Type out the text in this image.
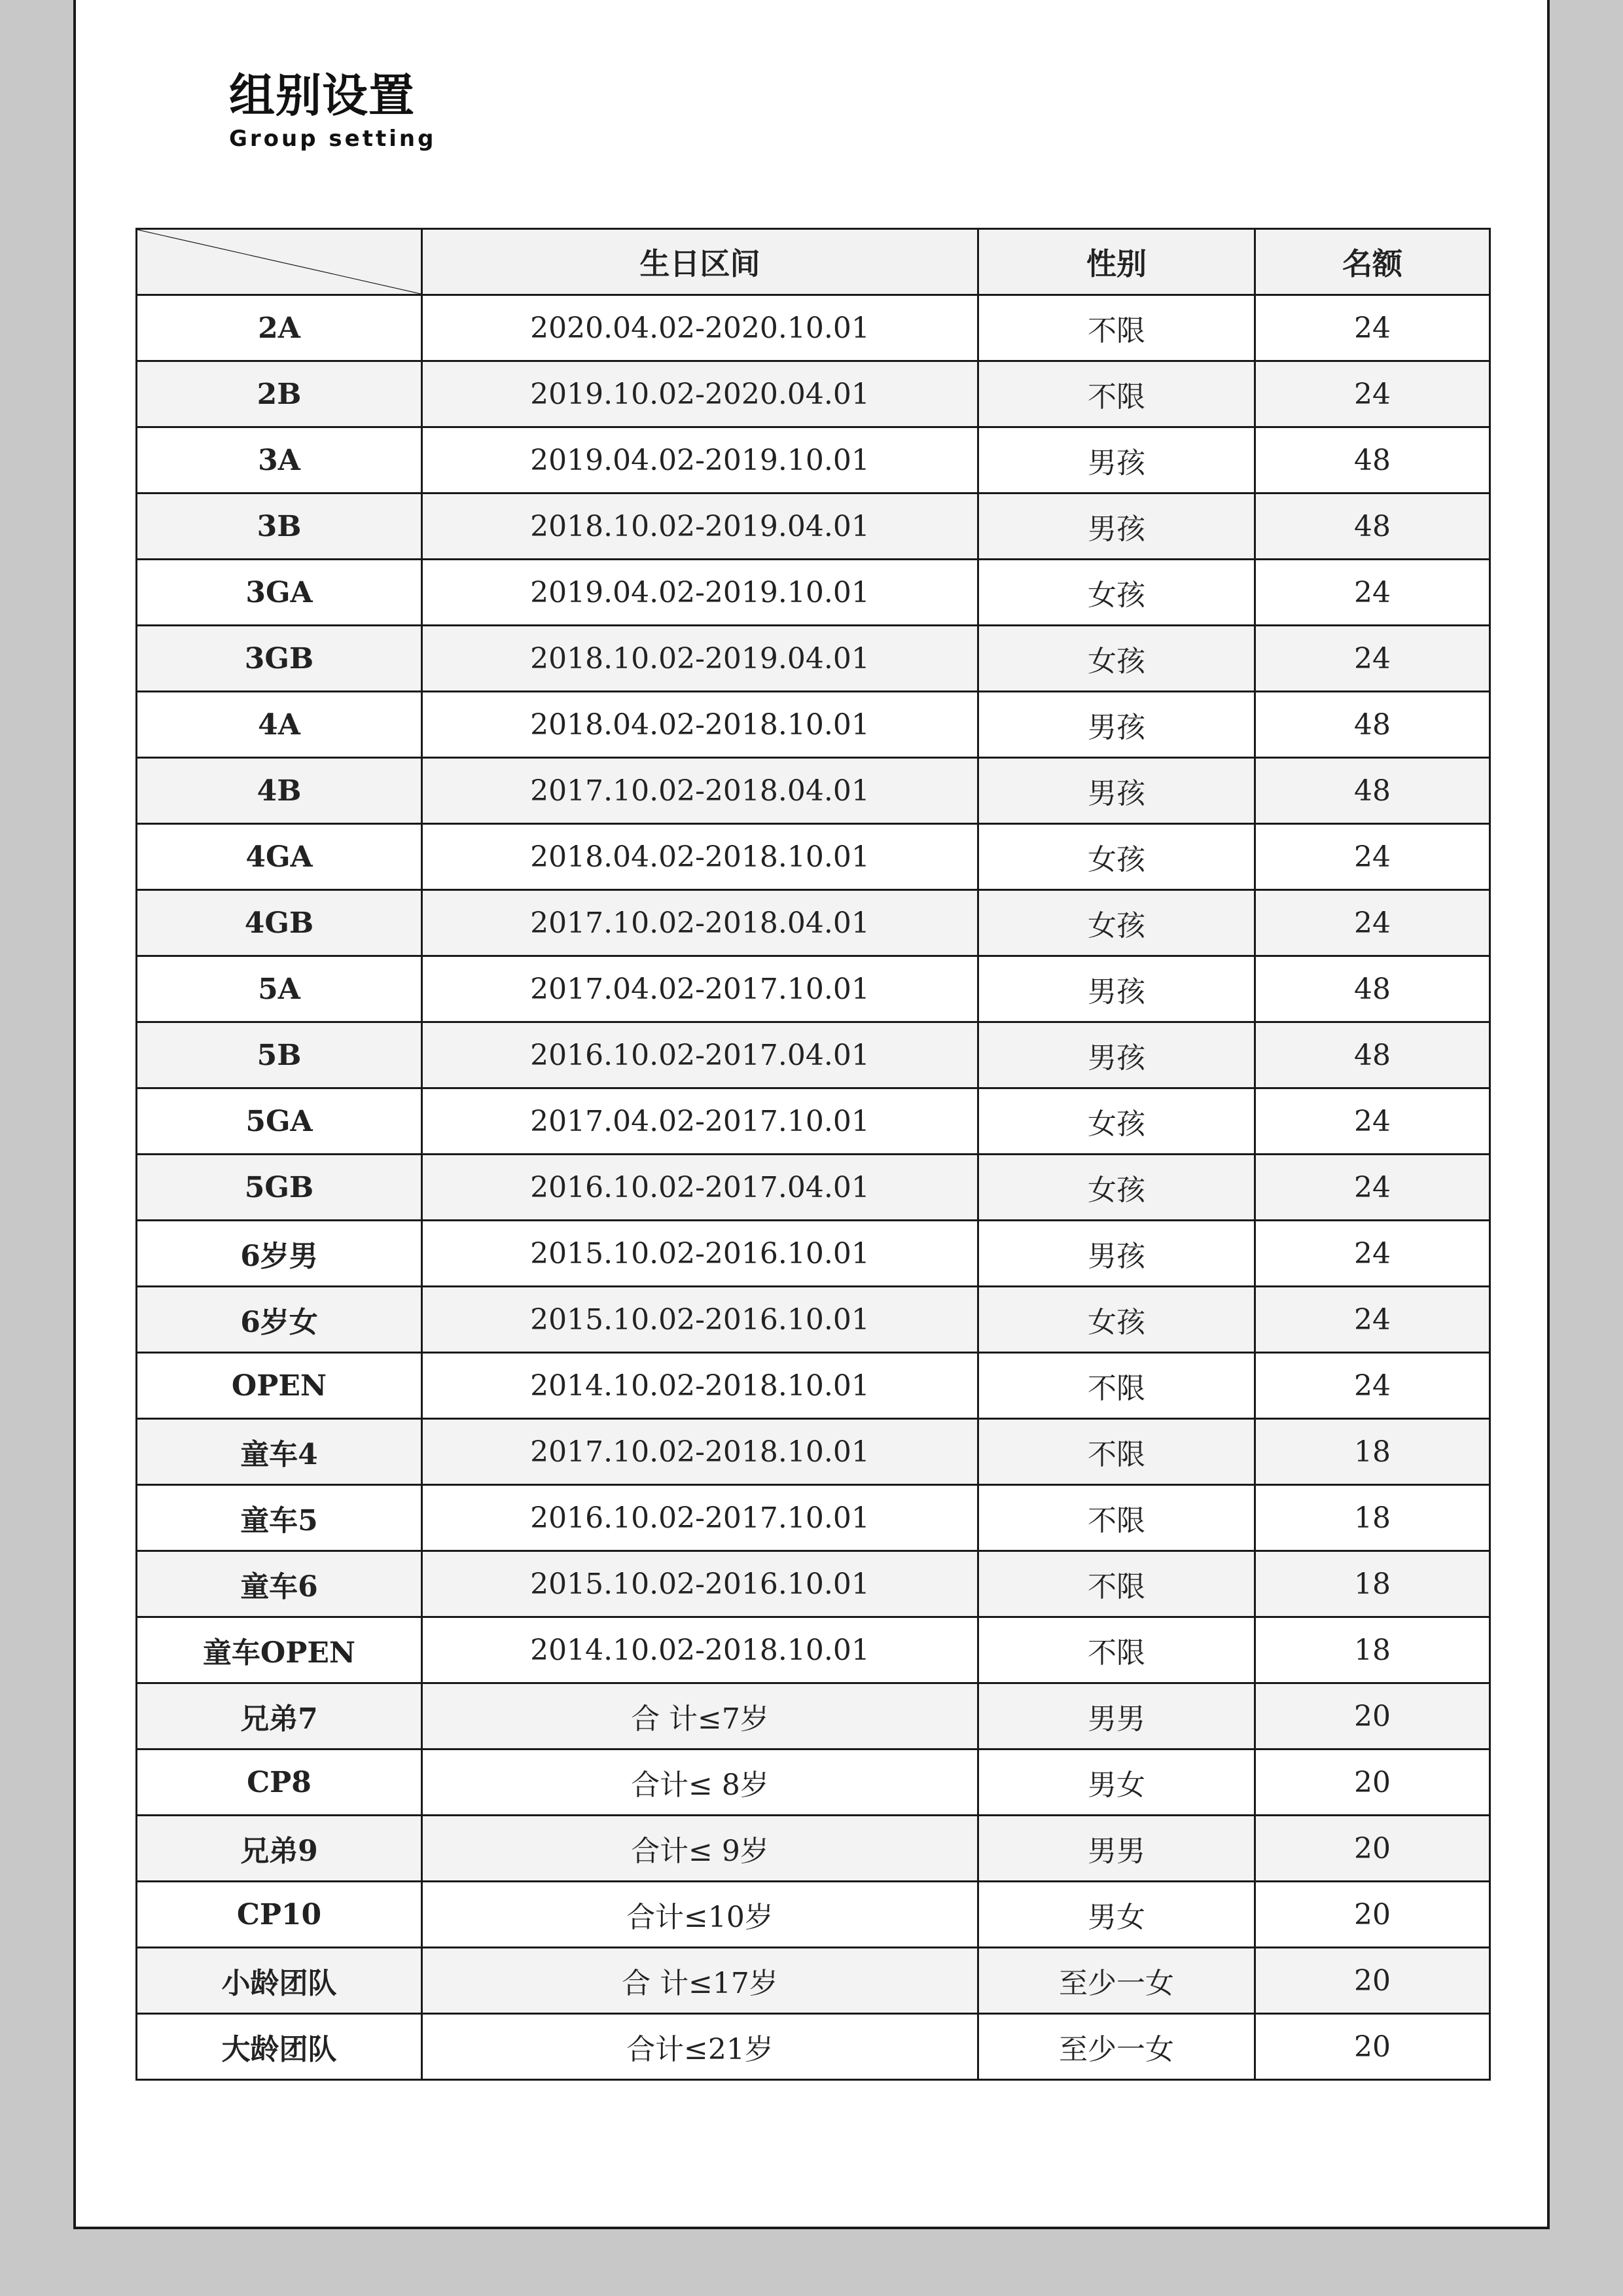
组别设置
Group setting
	生日区间	性别	名额
2A	2020.04.02-2020.10.01	不限	24
2B	2019.10.02-2020.04.01	不限	24
3A	2019.04.02-2019.10.01	男孩	48
3B	2018.10.02-2019.04.01	男孩	48
3GA	2019.04.02-2019.10.01	女孩	24
3GB	2018.10.02-2019.04.01	女孩	24
4A	2018.04.02-2018.10.01	男孩	48
4B	2017.10.02-2018.04.01	男孩	48
4GA	2018.04.02-2018.10.01	女孩	24
4GB	2017.10.02-2018.04.01	女孩	24
5A	2017.04.02-2017.10.01	男孩	48
5B	2016.10.02-2017.04.01	男孩	48
5GA	2017.04.02-2017.10.01	女孩	24
5GB	2016.10.02-2017.04.01	女孩	24
6岁男	2015.10.02-2016.10.01	男孩	24
6岁女	2015.10.02-2016.10.01	女孩	24
OPEN	2014.10.02-2018.10.01	不限	24
童车4	2017.10.02-2018.10.01	不限	18
童车5	2016.10.02-2017.10.01	不限	18
童车6	2015.10.02-2016.10.01	不限	18
童车OPEN	2014.10.02-2018.10.01	不限	18
兄弟7	合 计≤7岁	男男	20
CP8	合计≤ 8岁	男女	20
兄弟9	合计≤ 9岁	男男	20
CP10	合计≤10岁	男女	20
小龄团队	合 计≤17岁	至少一女	20
大龄团队	合计≤21岁	至少一女	20
